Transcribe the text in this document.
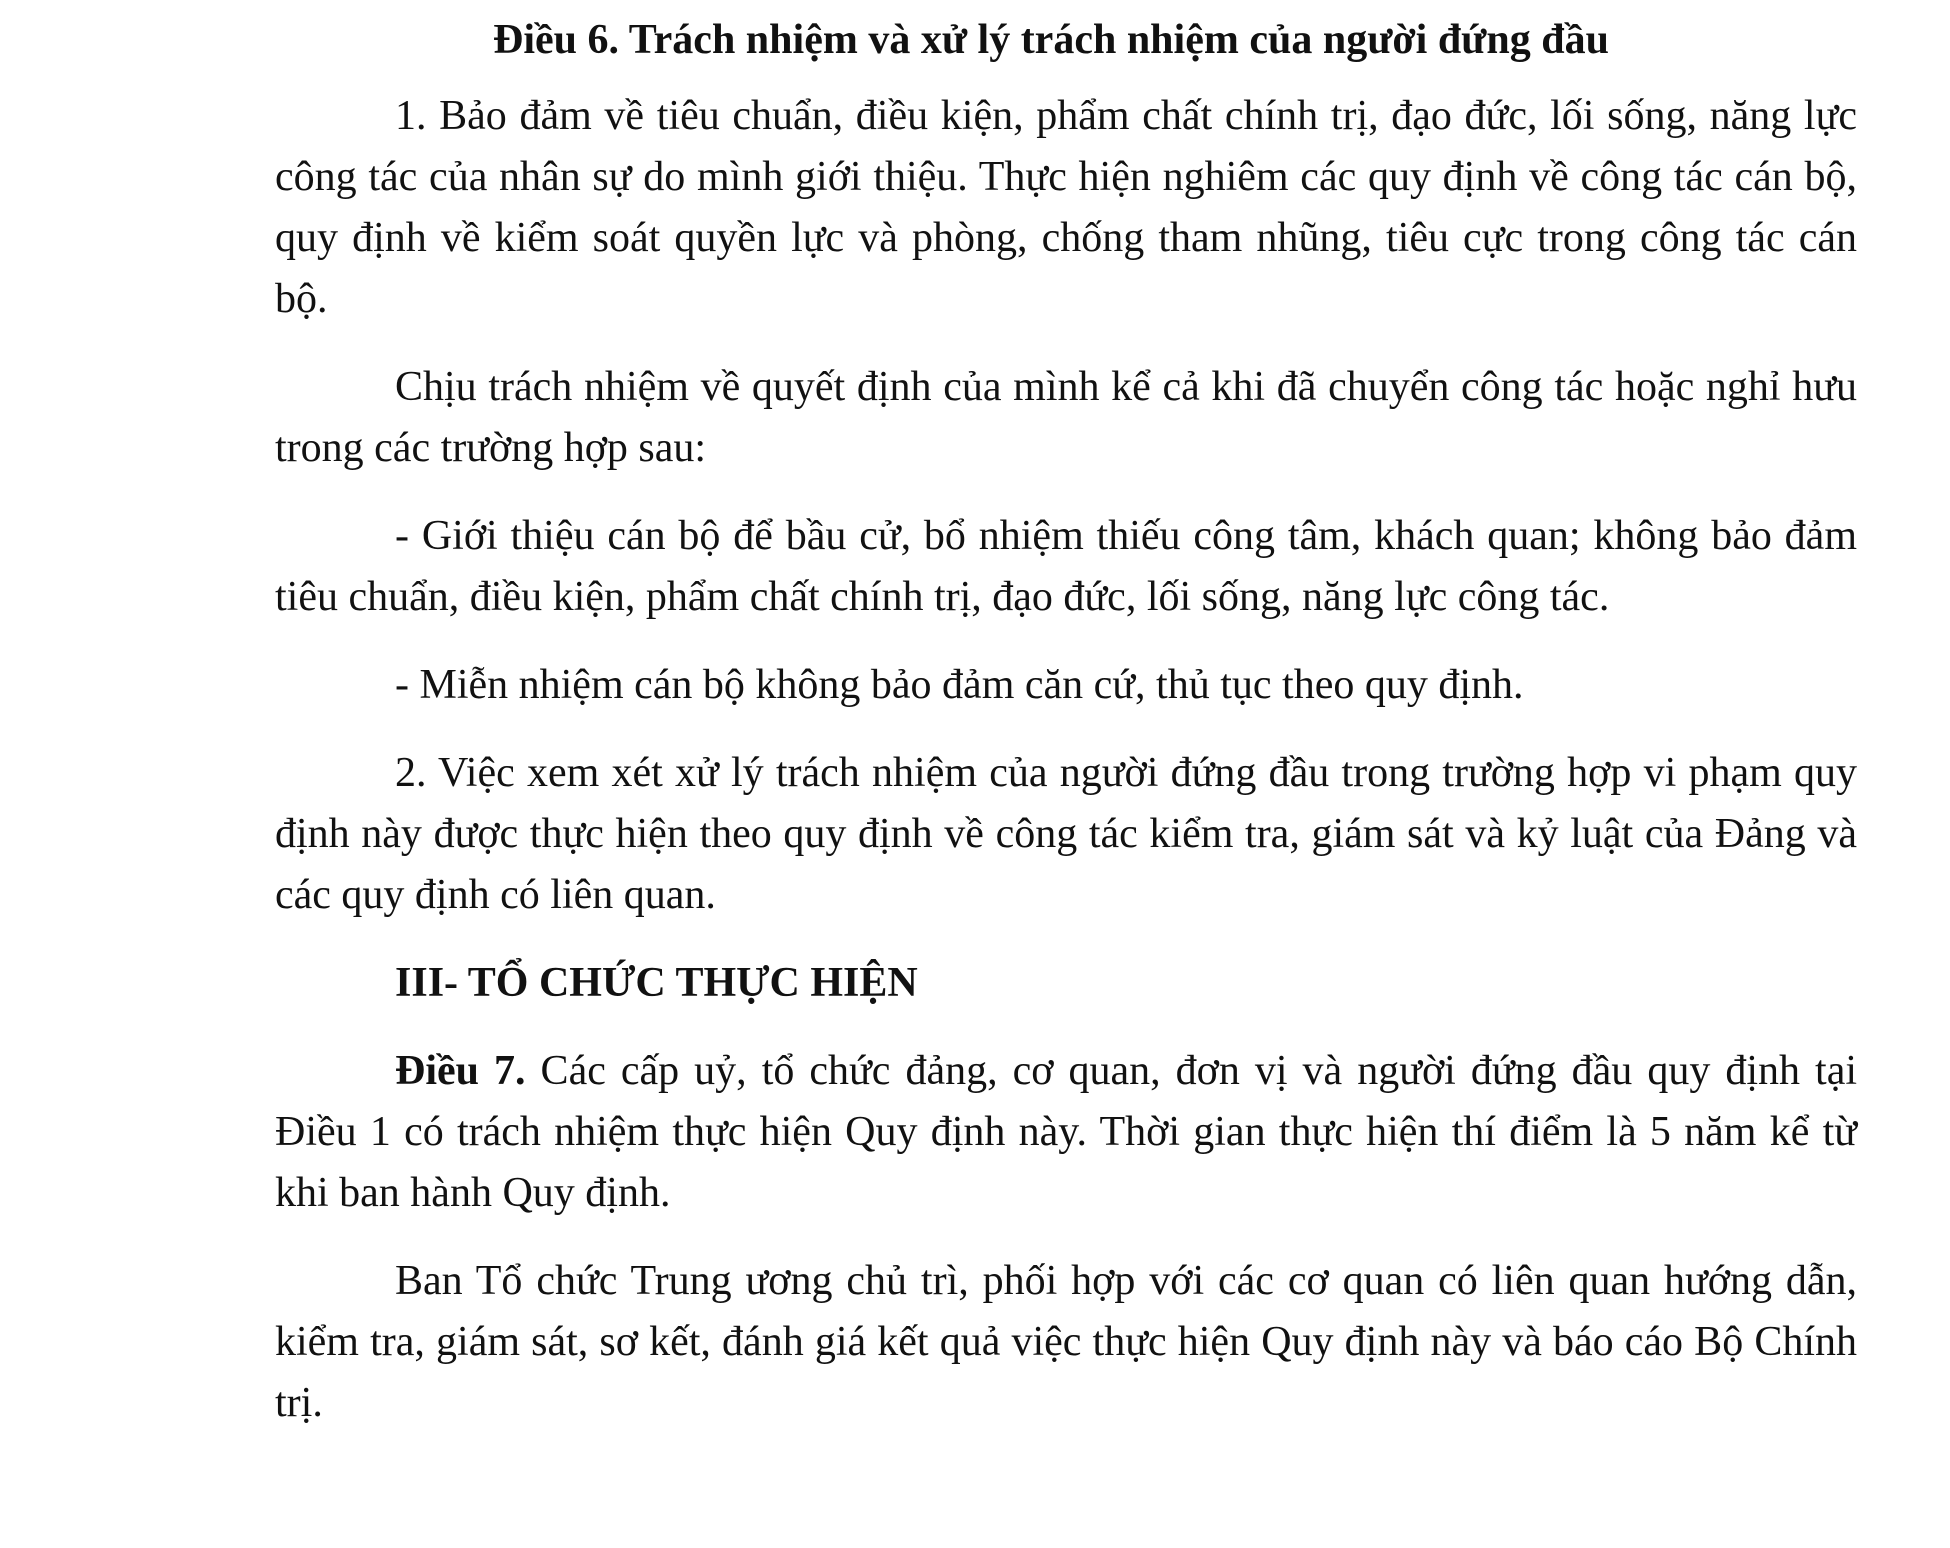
Điều 6. Trách nhiệm và xử lý trách nhiệm của người đứng đầu

1. Bảo đảm về tiêu chuẩn, điều kiện, phẩm chất chính trị, đạo đức, lối sống, năng lực công tác của nhân sự do mình giới thiệu. Thực hiện nghiêm các quy định về công tác cán bộ, quy định về kiểm soát quyền lực và phòng, chống tham nhũng, tiêu cực trong công tác cán bộ.

Chịu trách nhiệm về quyết định của mình kể cả khi đã chuyển công tác hoặc nghỉ hưu trong các trường hợp sau:

- Giới thiệu cán bộ để bầu cử, bổ nhiệm thiếu công tâm, khách quan; không bảo đảm tiêu chuẩn, điều kiện, phẩm chất chính trị, đạo đức, lối sống, năng lực công tác.

- Miễn nhiệm cán bộ không bảo đảm căn cứ, thủ tục theo quy định.

2. Việc xem xét xử lý trách nhiệm của người đứng đầu trong trường hợp vi phạm quy định này được thực hiện theo quy định về công tác kiểm tra, giám sát và kỷ luật của Đảng và các quy định có liên quan.

III- TỔ CHỨC THỰC HIỆN

Điều 7. Các cấp uỷ, tổ chức đảng, cơ quan, đơn vị và người đứng đầu quy định tại Điều 1 có trách nhiệm thực hiện Quy định này. Thời gian thực hiện thí điểm là 5 năm kể từ khi ban hành Quy định.

Ban Tổ chức Trung ương chủ trì, phối hợp với các cơ quan có liên quan hướng dẫn, kiểm tra, giám sát, sơ kết, đánh giá kết quả việc thực hiện Quy định này và báo cáo Bộ Chính trị.
